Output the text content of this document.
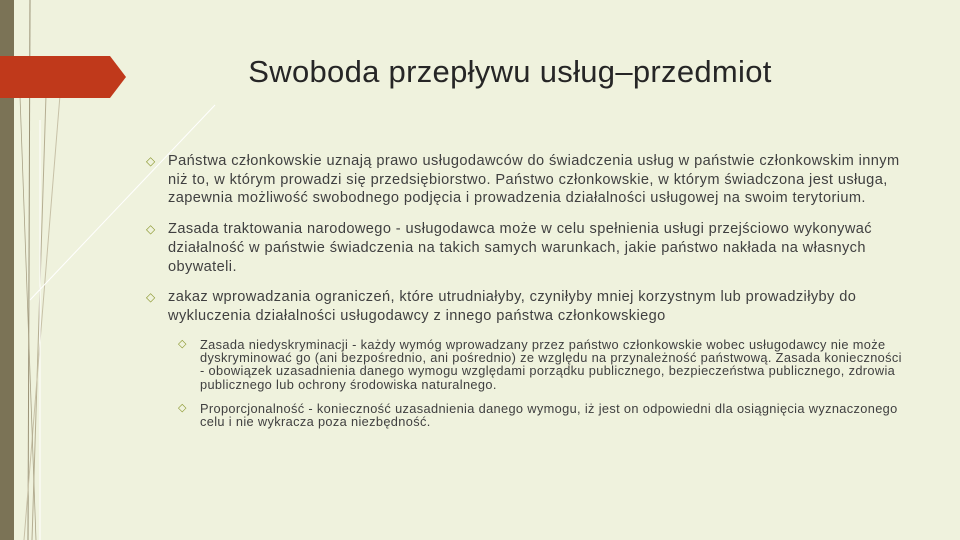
Swoboda przepływu usług–przedmiot
◇ Państwa członkowskie uznają prawo usługodawców do świadczenia usług w państwie członkowskim innym niż to, w którym prowadzi się przedsiębiorstwo. Państwo członkowskie, w którym świadczona jest usługa, zapewnia możliwość swobodnego podjęcia i prowadzenia działalności usługowej na swoim terytorium.
◇ Zasada traktowania narodowego - usługodawca może w celu spełnienia usługi przejściowo wykonywać działalność w państwie świadczenia na takich samych warunkach, jakie państwo nakłada na własnych obywateli.
◇ zakaz wprowadzania ograniczeń, które utrudniałyby, czyniłyby mniej korzystnym lub prowadziłyby do wykluczenia działalności usługodawcy z innego państwa członkowskiego
◇ Zasada niedyskryminacji - każdy wymóg wprowadzany przez państwo członkowskie wobec usługodawcy nie może dyskryminować go (ani bezpośrednio, ani pośrednio) ze względu na przynależność państwową. Zasada konieczności - obowiązek uzasadnienia danego wymogu względami porządku publicznego, bezpieczeństwa publicznego, zdrowia publicznego lub ochrony środowiska naturalnego.
◇ Proporcjonalność - konieczność uzasadnienia danego wymogu, iż jest on odpowiedni dla osiągnięcia wyznaczonego celu i nie wykracza poza niezbędność.
